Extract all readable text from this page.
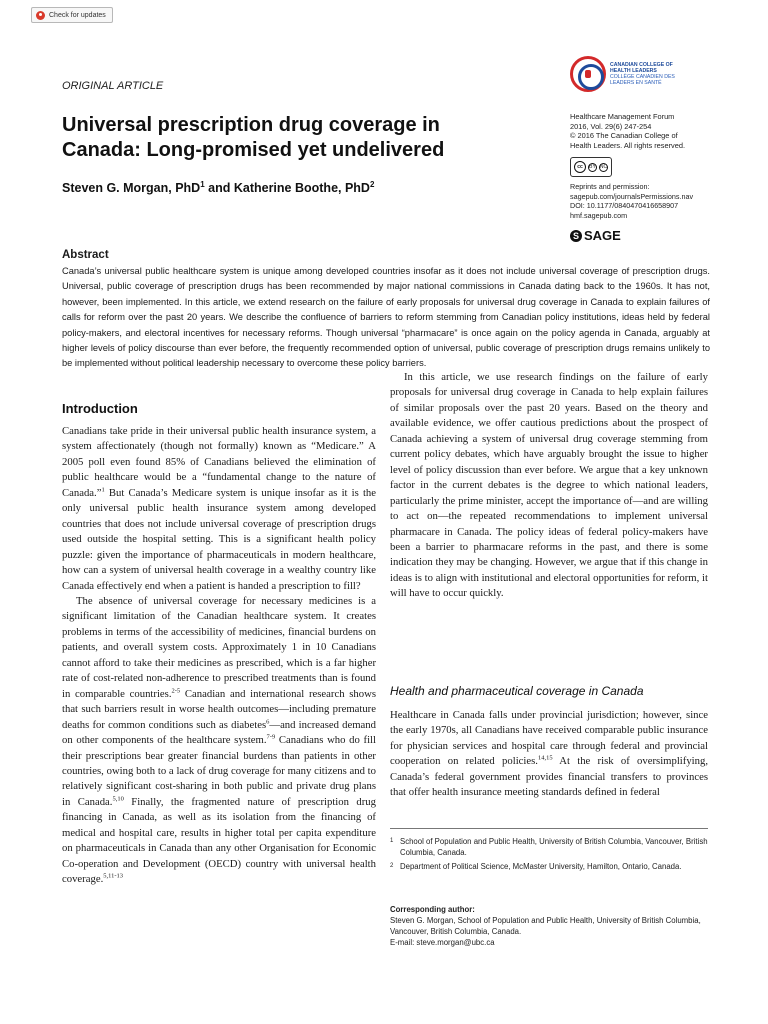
Check for updates
ORIGINAL ARTICLE
Universal prescription drug coverage in
Canada: Long-promised yet undelivered
Steven G. Morgan, PhD$^1$ and Katherine Boothe, PhD$^2$
CANADIAN COLLEGE OF
HEALTH LEADERS
COLLÈGE CANADIEN DES
LEADERS EN SANTÉ
Healthcare Management Forum
2016, Vol. 29(6) 247-254
© 2016 The Canadian College of
Health Leaders. All rights reserved.
cc	BY NC
Reprints and permission:
sagepub.com/journalsPermissions.nav
DOI: 10.1177/0840470416658907
hmf.sagepub.com
S SAGE
Abstract
Canada’s universal public healthcare system is unique among developed countries insofar as it does not include universal coverage of prescription drugs. Universal, public coverage of prescription drugs has been recommended by major national commissions in Canada dating back to the 1960s. It has not, however, been implemented. In this article, we extend research on the failure of early proposals for universal drug coverage in Canada to explain failures of calls for reform over the past 20 years. We describe the confluence of barriers to reform stemming from Canadian policy institutions, ideas held by federal policy-makers, and electoral incentives for necessary reforms. Though universal “pharmacare” is once again on the policy agenda in Canada, arguably at higher levels of policy discourse than ever before, the frequently recommended option of universal, public coverage of prescription drugs remains unlikely to be implemented without political leadership necessary to overcome these policy barriers.
Introduction

Canadians take pride in their universal public health insurance system, a system affectionately (though not formally) known as “Medicare.” A 2005 poll even found 85% of Canadians believed the elimination of public healthcare would be a “fundamental change to the nature of Canada.”$^1$ But Canada’s Medicare system is unique insofar as it is the only universal public health insurance system among developed countries that does not include universal coverage of prescription drugs used outside the hospital setting. This is a significant health policy puzzle: given the importance of pharmaceuticals in modern healthcare, how can a system of universal health coverage in a wealthy country like Canada effectively end when a patient is handed a prescription to fill?

The absence of universal coverage for necessary medicines is a significant limitation of the Canadian healthcare system. It creates problems in terms of the accessibility of medicines, financial burdens on patients, and overall system costs. Approximately 1 in 10 Canadians cannot afford to take their medicines as prescribed, which is a far higher rate of cost-related non-adherence to prescribed treatments than is found in comparable countries.$^{2-5}$ Canadian and international research shows that such barriers result in worse health outcomes—including premature deaths for common conditions such as diabetes$^6$—and increased demand on other components of the healthcare system.$^{7-9}$ Canadians who do fill their prescriptions bear greater financial burdens than patients in other countries, owing both to a lack of drug coverage for many citizens and to relatively significant cost-sharing in both public and private drug plans in Canada.$^{5,10}$ Finally, the fragmented nature of prescription drug financing in Canada, as well as its isolation from the financing of medical and hospital care, results in higher total per capita expenditure on pharmaceuticals in Canada than any other Organisation for Economic Co-operation and Development (OECD) country with universal health coverage.$^{5,11-13}$

In this article, we use research findings on the failure of early proposals for universal drug coverage in Canada to help explain failures of similar proposals over the past 20 years. Based on the theory and available evidence, we offer cautious predictions about the prospect of Canada achieving a system of universal drug coverage stemming from current policy debates, which have arguably brought the issue to higher level of policy discussion than ever before. We argue that a key unknown factor in the current debates is the degree to which national leaders, particularly the prime minister, accept the importance of—and are willing to act on—the repeated recommendations to implement universal pharmacare in Canada. The policy ideas of federal policy-makers have been a barrier to pharmacare reforms in the past, and there is some indication they may be changing. However, we argue that if this change in ideas is to align with institutional and electoral opportunities for reform, it will have to occur quickly.

Health and pharmaceutical coverage in Canada

Healthcare in Canada falls under provincial jurisdiction; however, since the early 1970s, all Canadians have received comparable public insurance for physician services and hospital care through federal and provincial cooperation on related policies.$^{14,15}$ At the risk of oversimplifying, Canada’s federal government provides financial transfers to provinces that offer health insurance meeting standards defined in federal

1 School of Population and Public Health, University of British Columbia, Vancouver, British Columbia, Canada.
2 Department of Political Science, McMaster University, Hamilton, Ontario, Canada.
Corresponding author:
Steven G. Morgan, School of Population and Public Health, University of British Columbia, Vancouver, British Columbia, Canada.
E-mail: steve.morgan@ubc.ca
